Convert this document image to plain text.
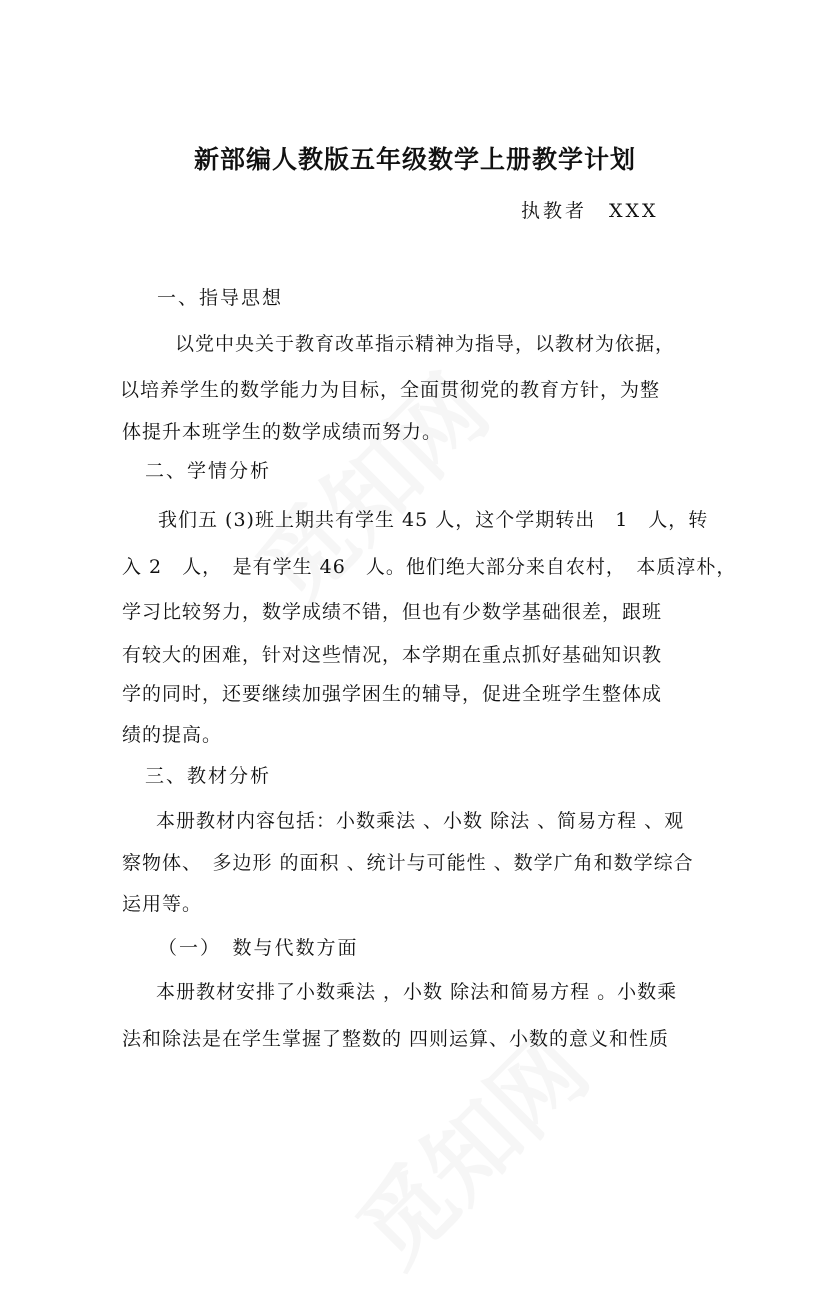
新部编人教版五年级数学上册教学计划
执教者　XXX
一、指导思想
以党中央关于教育改革指示精神为指导，以教材为依据，
以培养学生的数学能力为目标，全面贯彻党的教育方针，为整
体提升本班学生的数学成绩而努力。
二、学情分析
我们五 (3)班上期共有学生 45 人，这个学期转出　1　人，转
入 2　人，　是有学生 46　人。他们绝大部分来自农村，　本质淳朴，
学习比较努力，数学成绩不错，但也有少数学基础很差，跟班
有较大的困难，针对这些情况，本学期在重点抓好基础知识教
学的同时，还要继续加强学困生的辅导，促进全班学生整体成
绩的提高。
三、教材分析
本册教材内容包括：小数乘法 、小数 除法 、简易方程 、观
察物体、　多边形 的面积 、统计与可能性 、数学广角和数学综合
运用等。
（一）　数与代数方面
本册教材安排了小数乘法 ，小数 除法和简易方程 。小数乘
法和除法是在学生掌握了整数的 四则运算、小数的意义和性质
